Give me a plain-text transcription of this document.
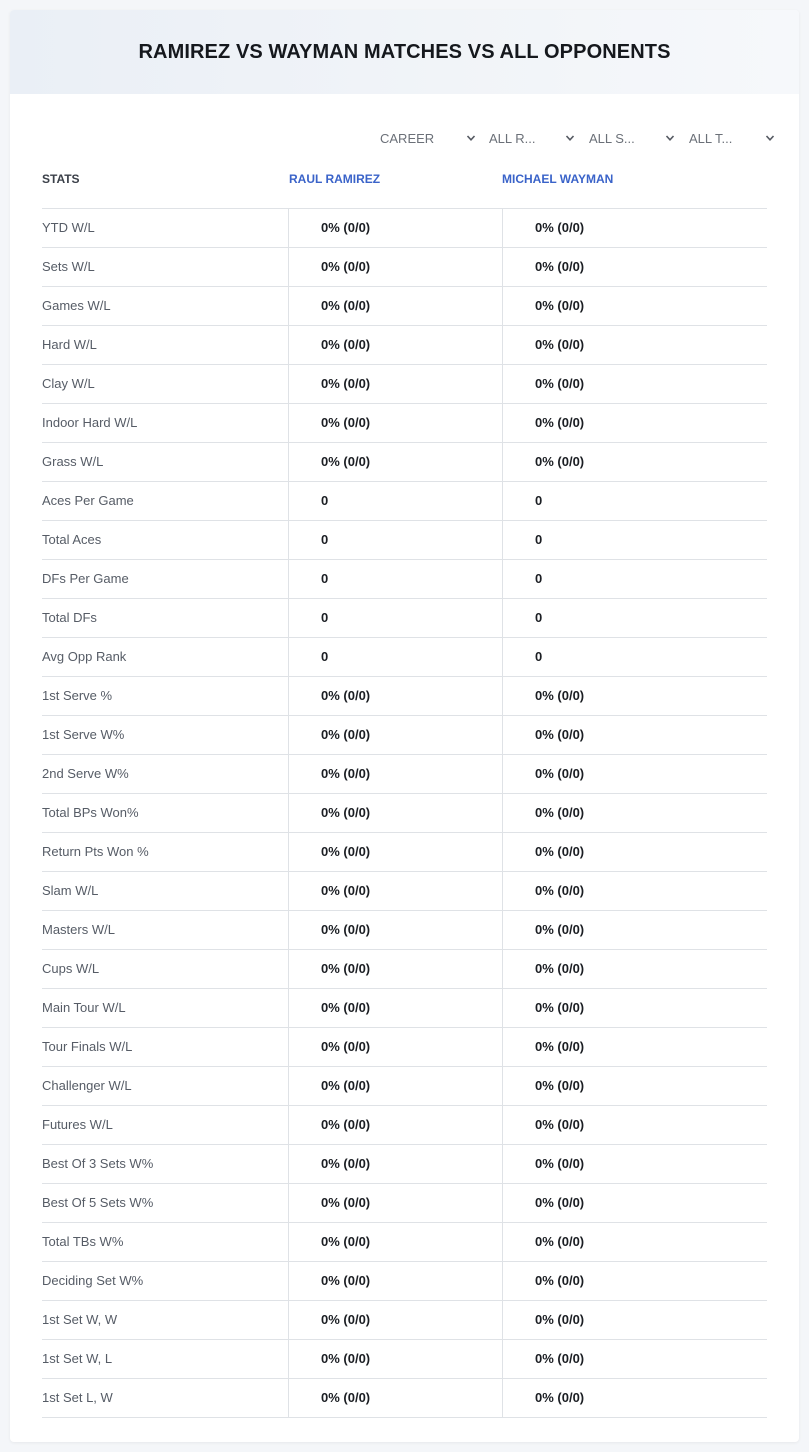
RAMIREZ VS WAYMAN MATCHES VS ALL OPPONENTS
CAREER	ALL R...	ALL S...	ALL T...
STATS	RAUL RAMIREZ	MICHAEL WAYMAN
YTD W/L	0% (0/0)	0% (0/0)
Sets W/L	0% (0/0)	0% (0/0)
Games W/L	0% (0/0)	0% (0/0)
Hard W/L	0% (0/0)	0% (0/0)
Clay W/L	0% (0/0)	0% (0/0)
Indoor Hard W/L	0% (0/0)	0% (0/0)
Grass W/L	0% (0/0)	0% (0/0)
Aces Per Game	0	0
Total Aces	0	0
DFs Per Game	0	0
Total DFs	0	0
Avg Opp Rank	0	0
1st Serve %	0% (0/0)	0% (0/0)
1st Serve W%	0% (0/0)	0% (0/0)
2nd Serve W%	0% (0/0)	0% (0/0)
Total BPs Won%	0% (0/0)	0% (0/0)
Return Pts Won %	0% (0/0)	0% (0/0)
Slam W/L	0% (0/0)	0% (0/0)
Masters W/L	0% (0/0)	0% (0/0)
Cups W/L	0% (0/0)	0% (0/0)
Main Tour W/L	0% (0/0)	0% (0/0)
Tour Finals W/L	0% (0/0)	0% (0/0)
Challenger W/L	0% (0/0)	0% (0/0)
Futures W/L	0% (0/0)	0% (0/0)
Best Of 3 Sets W%	0% (0/0)	0% (0/0)
Best Of 5 Sets W%	0% (0/0)	0% (0/0)
Total TBs W%	0% (0/0)	0% (0/0)
Deciding Set W%	0% (0/0)	0% (0/0)
1st Set W, W	0% (0/0)	0% (0/0)
1st Set W, L	0% (0/0)	0% (0/0)
1st Set L, W	0% (0/0)	0% (0/0)
